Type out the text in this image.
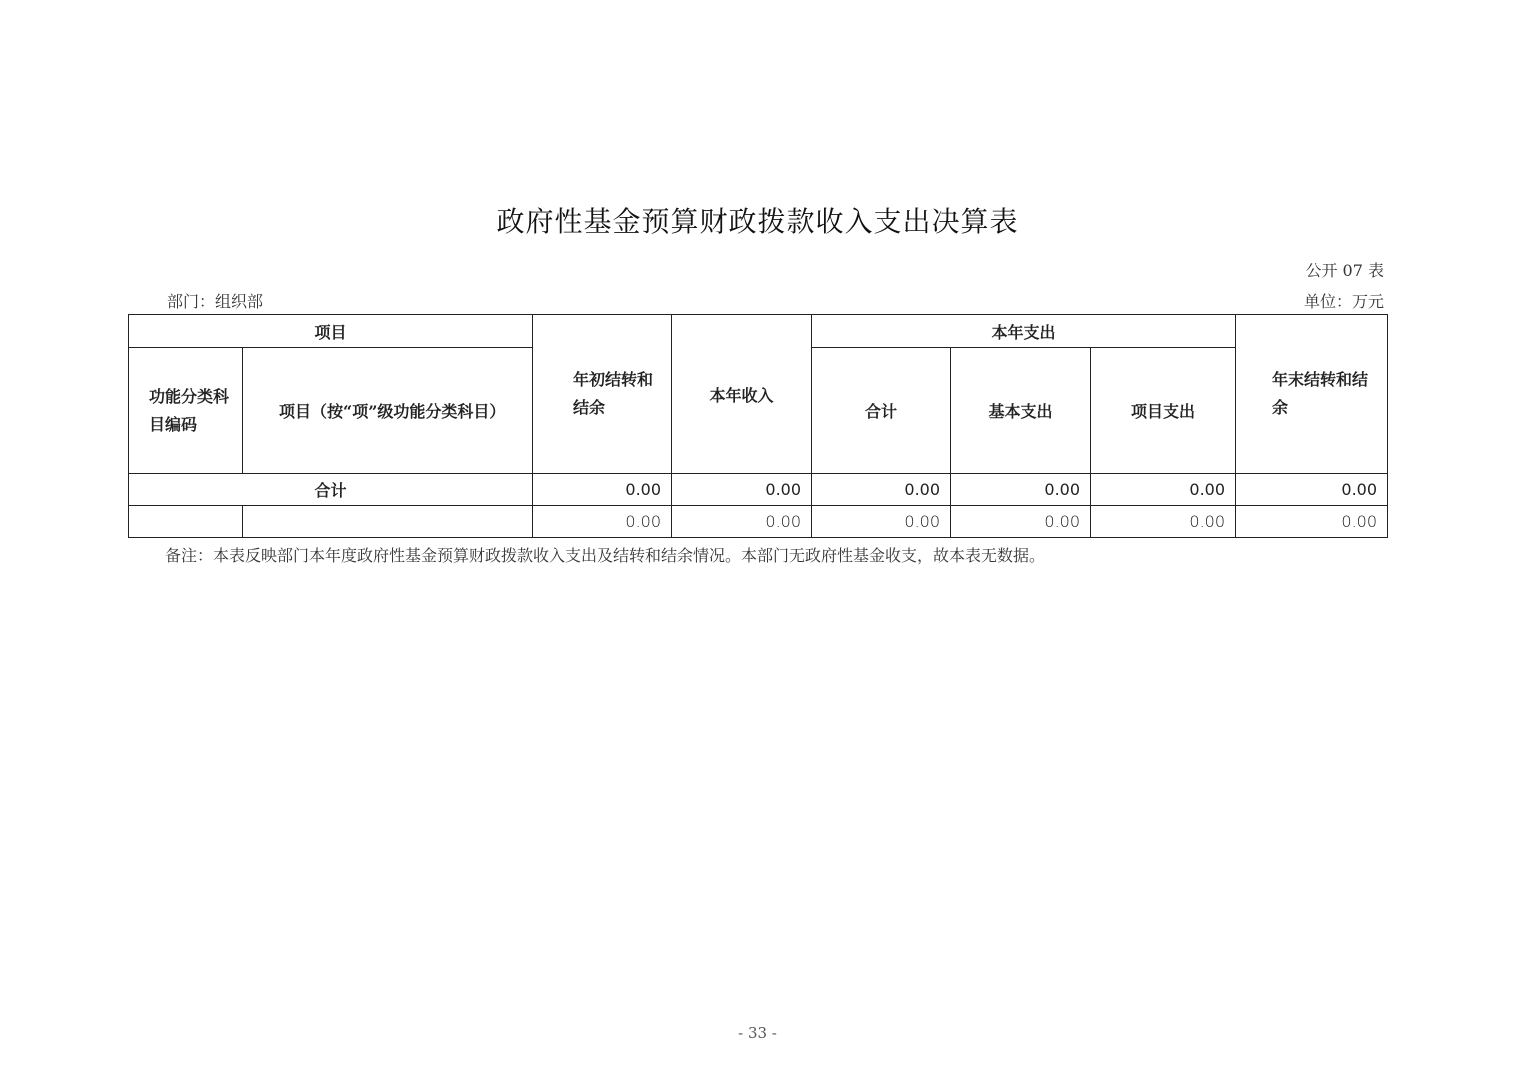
政府性基金预算财政拨款收入支出决算表
公开 07 表
部门：组织部	单位：万元
项目		年初结转和结余	本年收入	本年支出			年末结转和结余
功能分类科目编码	项目（按“项”级功能分类科目）			合计	基本支出	项目支出	
合计		0.00	0.00	0.00	0.00	0.00	0.00
		0.00	0.00	0.00	0.00	0.00	0.00
备注：本表反映部门本年度政府性基金预算财政拨款收入支出及结转和结余情况。本部门无政府性基金收支，故本表无数据。
- 33 -
